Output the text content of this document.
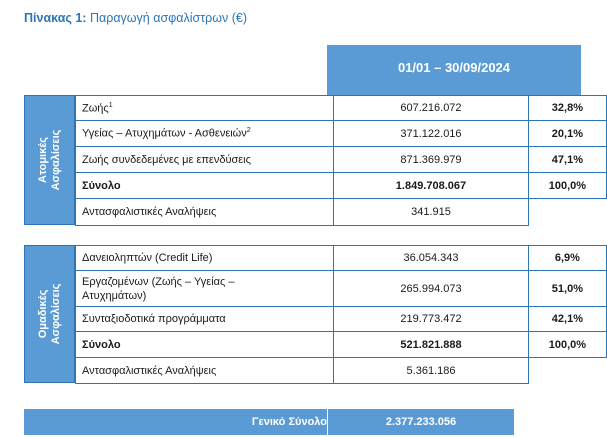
Πίνακας 1: Παραγωγή ασφαλίστρων (€)
01/01 – 30/09/2024
Ατομικές Ασφαλίσεις
Ζωής$^1$	607.216.072	32,8%
Υγείας – Ατυχημάτων - Ασθενειών$^2$	371.122.016	20,1%
Ζωής συνδεδεμένες με επενδύσεις	871.369.979	47,1%
Σύνολο	1.849.708.067	100,0%
Αντασφαλιστικές Αναλήψεις	341.915	
Ομαδικές Ασφαλίσεις
Δανειοληπτών (Credit Life)	36.054.343	6,9%

Εργαζομένων (Ζωής – Υγείας –
Ατυχημάτων)	265.994.073	51,0%
Συνταξιοδοτικά προγράμματα	219.773.472	42,1%
Σύνολο	521.821.888	100,0%
Αντασφαλιστικές Αναλήψεις	5.361.186	
Γενικό Σύνολο	2.377.233.056
